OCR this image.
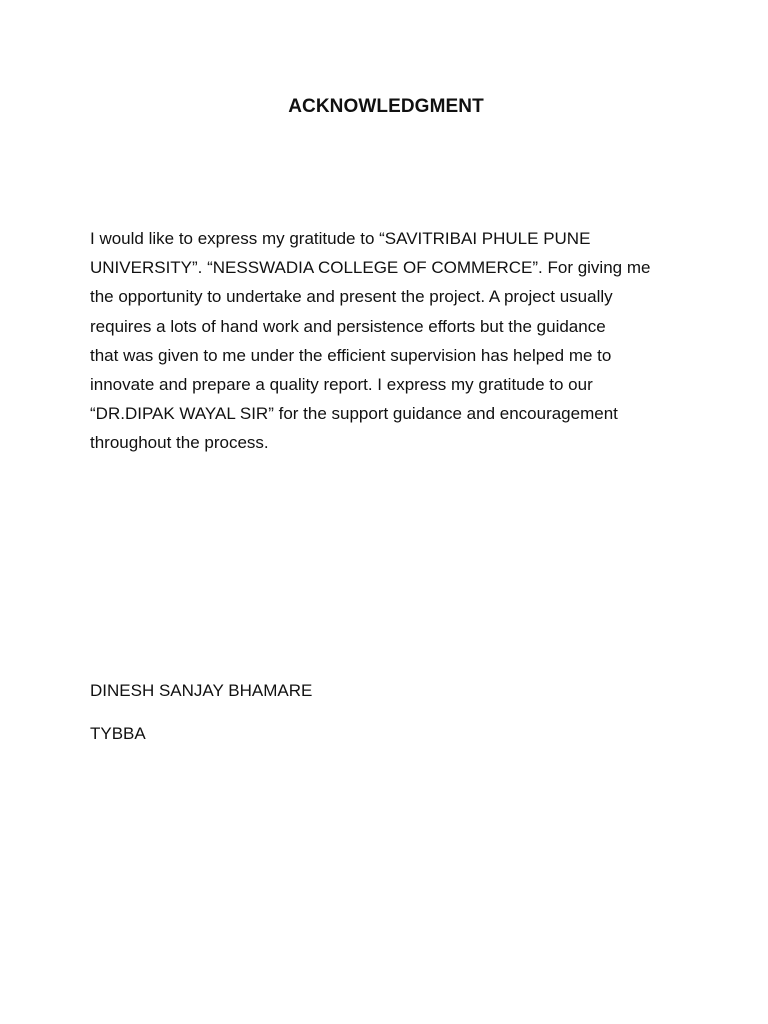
ACKNOWLEDGMENT
I would like to express my gratitude to “SAVITRIBAI PHULE PUNE
UNIVERSITY”. “NESSWADIA COLLEGE OF COMMERCE”. For giving me
the opportunity to undertake and present the project. A project usually
requires a lots of hand work and persistence efforts but the guidance
that was given to me under the efficient supervision has helped me to
innovate and prepare a quality report. I express my gratitude to our
“DR.DIPAK WAYAL SIR” for the support guidance and encouragement
throughout the process.
DINESH SANJAY BHAMARE
TYBBA
